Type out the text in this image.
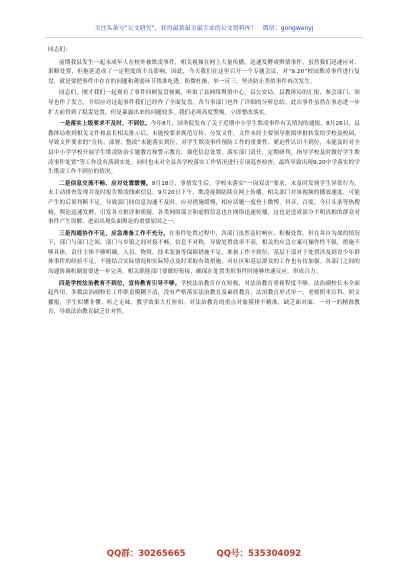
关注头条号“公文研究”，获得最新最全最专业的公文资料库！　微信：gongwenyj

同志们：

前期我县发生一起未成年人在校外被欺凌事件，相关视频在网上大量传播，迅速发酵成舆情事件，虽然我们迅速应对、果断处置，但拖延造成了一定程度的不良影响。因此，今天我们在这里召开一个专题会议，对“9.20”校园欺凌事件进行复盘，就是要把事件中存在的问题和薄弱环节找准吃透，防微杜渐，举一反三，坚决防止类似事件再次发生。

同志们，刚才我们一起观看了事件回顾复盘视频，听取了县网络舆情中心、县公安局、县教体局的汇报，参会部门、领导也作了发言，介绍应对这起事件我们已经作了全面复盘，各当事部门也作了详细的分析总结。此次事件虽然在事态进一步扩大前得到了稳妥处置，但是暴露出来的问题较多，我们必须高度警惕，立即整改落实。

一是落实上级要求不及时、不到位。今年8月，国务院发布了关于近期中小学生欺凌事件有关情况的通报，8月26日，县教体局收到相关文件和县长相关批示后，未能按要求规范宣传、分发文件，文件未经主要领导批阅审批转发给学校及校园，导致文件要求的“宣传、部署、整改”未能落实到位，对学生欺凌事件预防工作的重要性、紧迫性认识不到位，未能及时对全县中小学学校开展学生欺凌防治专题教育和警示教育，强化信息处置、落实部门责任，定期研判，指导学校及时做好学生欺凌事件处置”等工作没有落到实处。同时也未对全县各学校落实工作情况进行专项巡查检查，最终导致出现9.20中学落实的学生欺凌工作不到位的情况。

二是信息交流不畅、应对处置缓慢。9月18日，事情发生后，学校未落实“一岗双责”要求，未及时发现学生异常行为，未主动排查发现并及时报告欺凌线索信息。9月20日下午，欺凌视频陆续在网上传播，相关部门对该视频的播放速度、可能产生的后果判断不足，导致部门间信息沟通不及时，应对措施缓慢，相应话题一度登上微博、抖音、百度、今日头条等热搜榜，舆论迅速发酵，引发各方批评和质疑。各类网络谣言和虚假信息也在网络迅速传播，这也是造成部分不明真相的群众对事件产生误解、进而出现负面舆论的重要原因之一。

三是沟通协作不足，应急准备工作不充分。在事件处置过程中，各部门虽然及时响应、积极处置，但在各自为战的情况下，部门与部门之间、部门与乡镇之间对接不畅，信息不对称，导致处置效率不高，相关的应急方案可操作性不强，措施不够具体，责任主体不够明确。人员、物资、技术装备等保障措施不足，准备工作不到位，基层干部对于处置涉及到青少年群体事件的经验不足，不能结合实际情况和实际特点及时采取有效措施，对社区和基层群众的工作也有待加强。各部门之间的沟通协调机制需要进一步完善，相关职能部门要做好衔接，确保在处置类似事件时能够快速反应，形成合力。

四是学校法治教育不到位，宣传教育引导不够。学校法治教育存在短板，对法治教育重视程度不够，法治副校长未全面起作用，多数法治副校长工作职责模糊不清，没有严格落实法治教育及素质教育，法治教育形式单一，老师照本宣科、照文播报，学生似懂非懂、听之无味，教学效果大打折扣。对法治教育的重点对象摸排不精准，缺乏面对面、一对一的精准教育，导致法治教育缺乏针对性。

QQ群：30265665	QQ号：535304092
